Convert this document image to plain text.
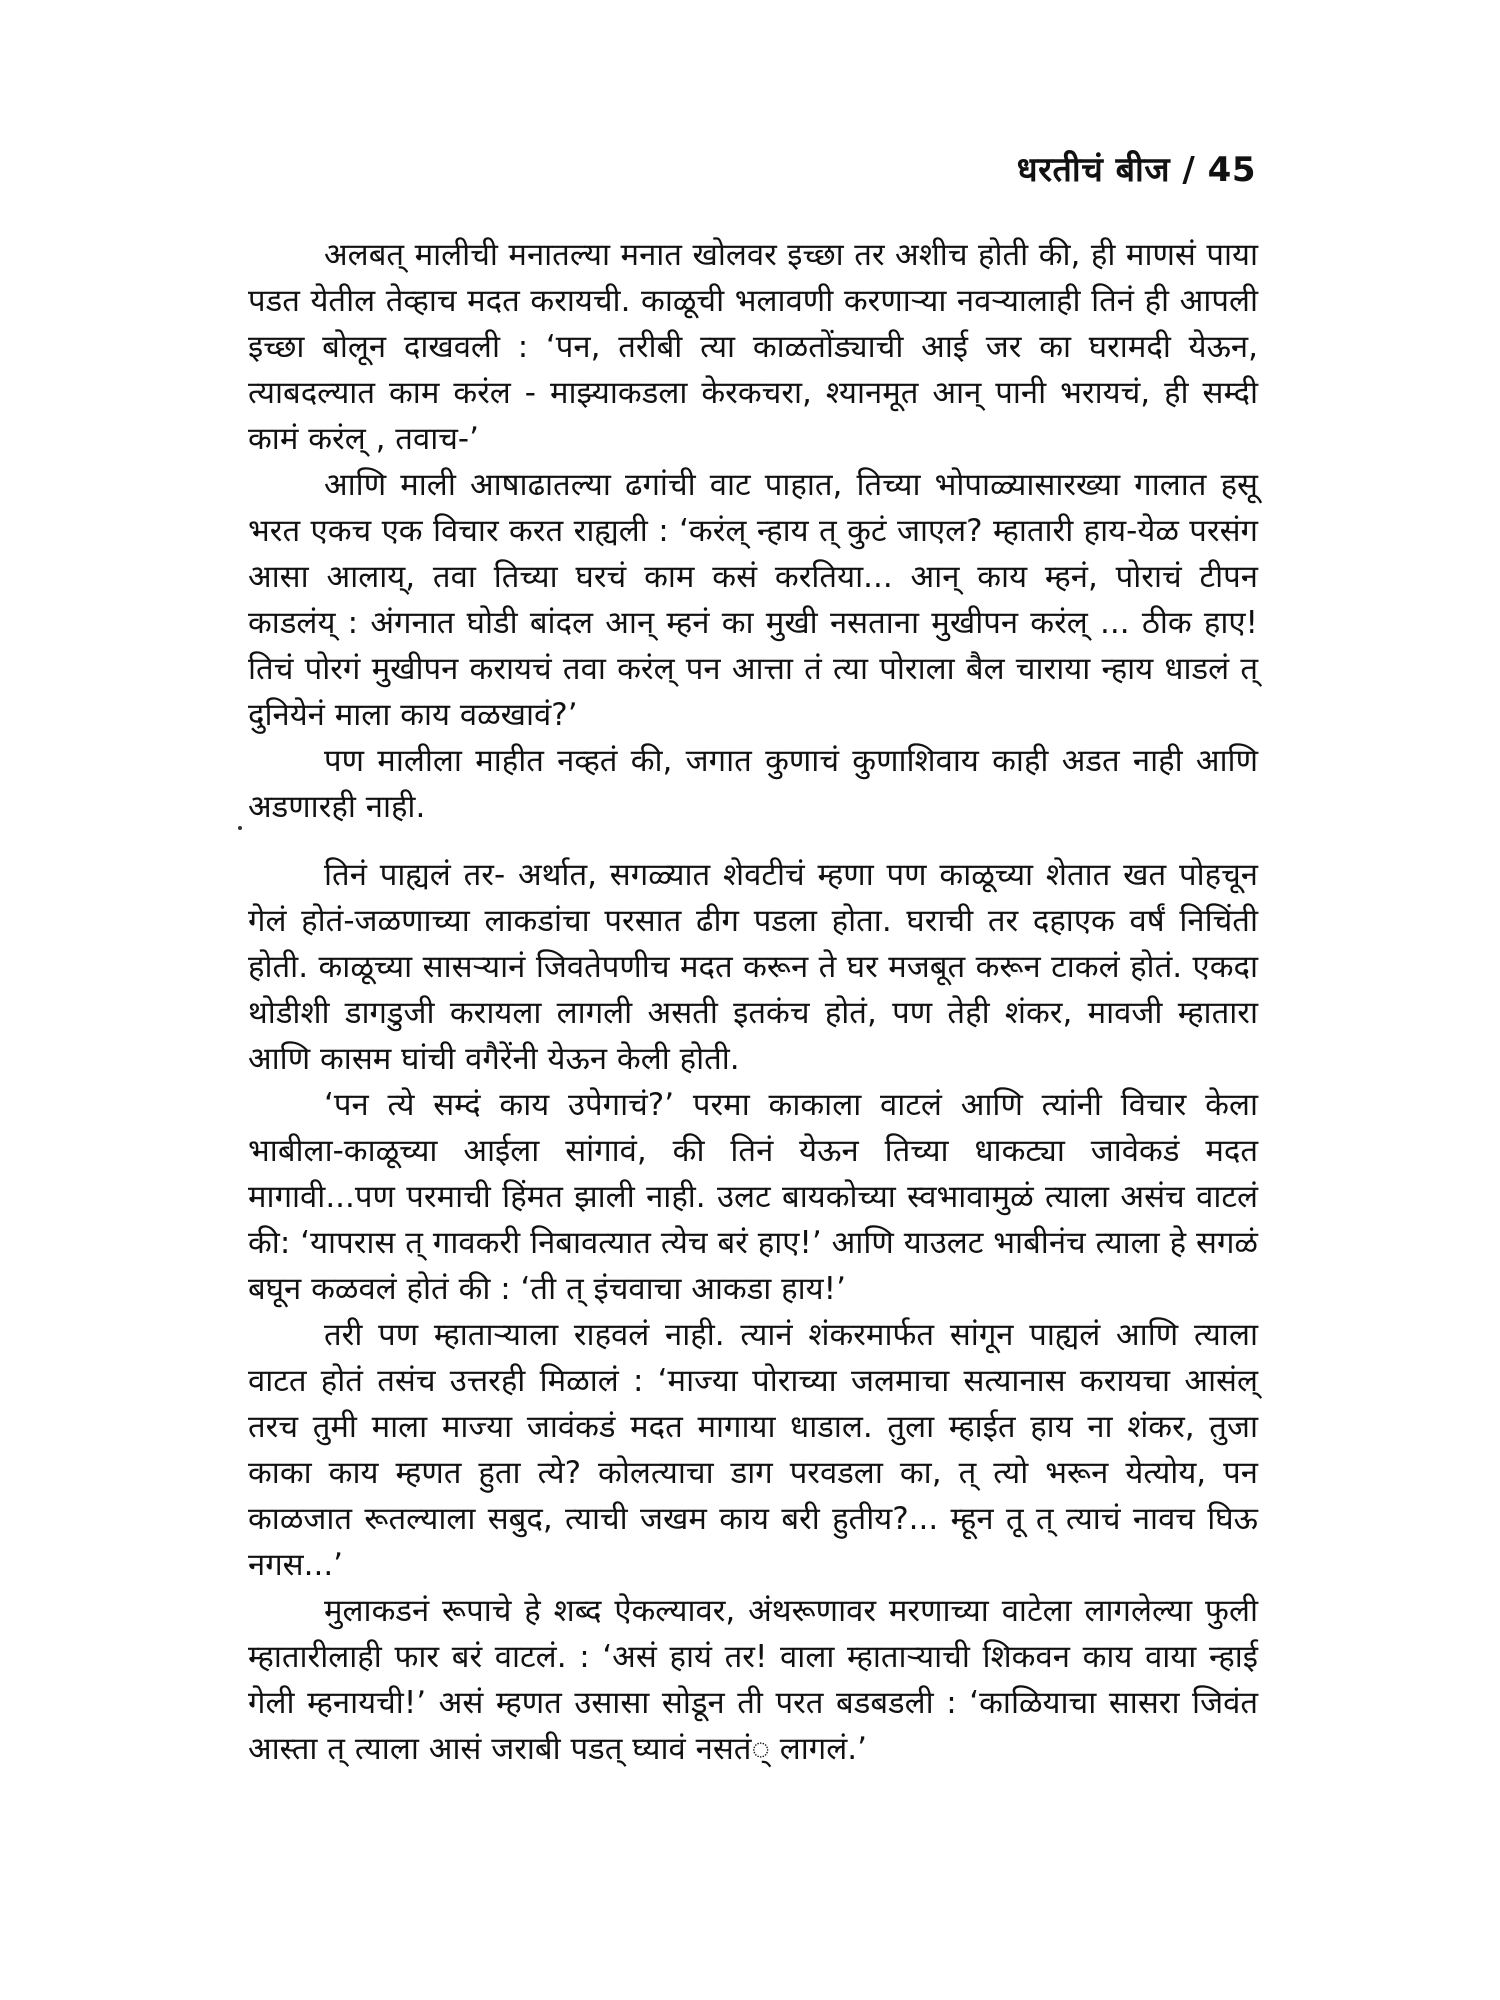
धरतीचं बीज / 45

अलबत् मालीची मनातल्या मनात खोलवर इच्छा तर अशीच होती की, ही माणसं पाया पडत येतील तेव्हाच मदत करायची. काळूची भलावणी करणाऱ्या नवऱ्यालाही तिनं ही आपली इच्छा बोलून दाखवली : ‘पन, तरीबी त्या काळतोंड्याची आई जर का घरामदी येऊन, त्याबदल्यात काम करंल - माझ्याकडला केरकचरा, श्यानमूत आन् पानी भरायचं, ही सम्दी कामं करंल् , तवाच-’

आणि माली आषाढातल्या ढगांची वाट पाहात, तिच्या भोपाळ्यासारख्या गालात हसू भरत एकच एक विचार करत राह्यली : ‘करंल् न्हाय त् कुटं जाएल? म्हातारी हाय-येळ परसंग आसा आलाय्, तवा तिच्या घरचं काम कसं करतिया... आन् काय म्हनं, पोराचं टीपन काडलंय् : अंगनात घोडी बांदल आन् म्हनं का मुखी नसताना मुखीपन करंल् ... ठीक हाए! तिचं पोरगं मुखीपन करायचं तवा करंल् पन आत्ता तं त्या पोराला बैल चाराया न्हाय धाडलं त् दुनियेनं माला काय वळखावं?’

पण मालीला माहीत नव्हतं की, जगात कुणाचं कुणाशिवाय काही अडत नाही आणि अडणारही नाही.

तिनं पाह्यलं तर- अर्थात, सगळ्यात शेवटीचं म्हणा पण काळूच्या शेतात खत पोहचून गेलं होतं-जळणाच्या लाकडांचा परसात ढीग पडला होता. घराची तर दहाएक वर्षं निचिंती होती. काळूच्या सासऱ्यानं जिवतेपणीच मदत करून ते घर मजबूत करून टाकलं होतं. एकदा थोडीशी डागडुजी करायला लागली असती इतकंच होतं, पण तेही शंकर, मावजी म्हातारा आणि कासम घांची वगैरेंनी येऊन केली होती.

‘पन त्ये सम्दं काय उपेगाचं?’ परमा काकाला वाटलं आणि त्यांनी विचार केला भाबीला-काळूच्या आईला सांगावं, की तिनं येऊन तिच्या धाकट्या जावेकडं मदत मागावी...पण परमाची हिंमत झाली नाही. उलट बायकोच्या स्वभावामुळं त्याला असंच वाटलं की: ‘यापरास त् गावकरी निबावत्यात त्येच बरं हाए!’ आणि याउलट भाबीनंच त्याला हे सगळं बघून कळवलं होतं की : ‘ती त् इंचवाचा आकडा हाय!’

तरी पण म्हाताऱ्याला राहवलं नाही. त्यानं शंकरमार्फत सांगून पाह्यलं आणि त्याला वाटत होतं तसंच उत्तरही मिळालं : ‘माज्या पोराच्या जलमाचा सत्यानास करायचा आसंल् तरच तुमी माला माज्या जावंकडं मदत मागाया धाडाल. तुला म्हाईत हाय ना शंकर, तुजा काका काय म्हणत हुता त्ये? कोलत्याचा डाग परवडला का, त् त्यो भरून येत्योय, पन काळजात रूतल्याला सबुद, त्याची जखम काय बरी हुतीय?... म्हून तू त् त्याचं नावच घिऊ नगस...’

मुलाकडनं रूपाचे हे शब्द ऐकल्यावर, अंथरूणावर मरणाच्या वाटेला लागलेल्या फुली म्हातारीलाही फार बरं वाटलं. : ‘असं हायं तर! वाला म्हाताऱ्याची शिकवन काय वाया न्हाई गेली म्हनायची!’ असं म्हणत उसासा सोडून ती परत बडबडली : ‘काळियाचा सासरा जिवंत आस्ता त् त्याला आसं जराबी पडत् घ्यावं नसतं् लागलं.’
